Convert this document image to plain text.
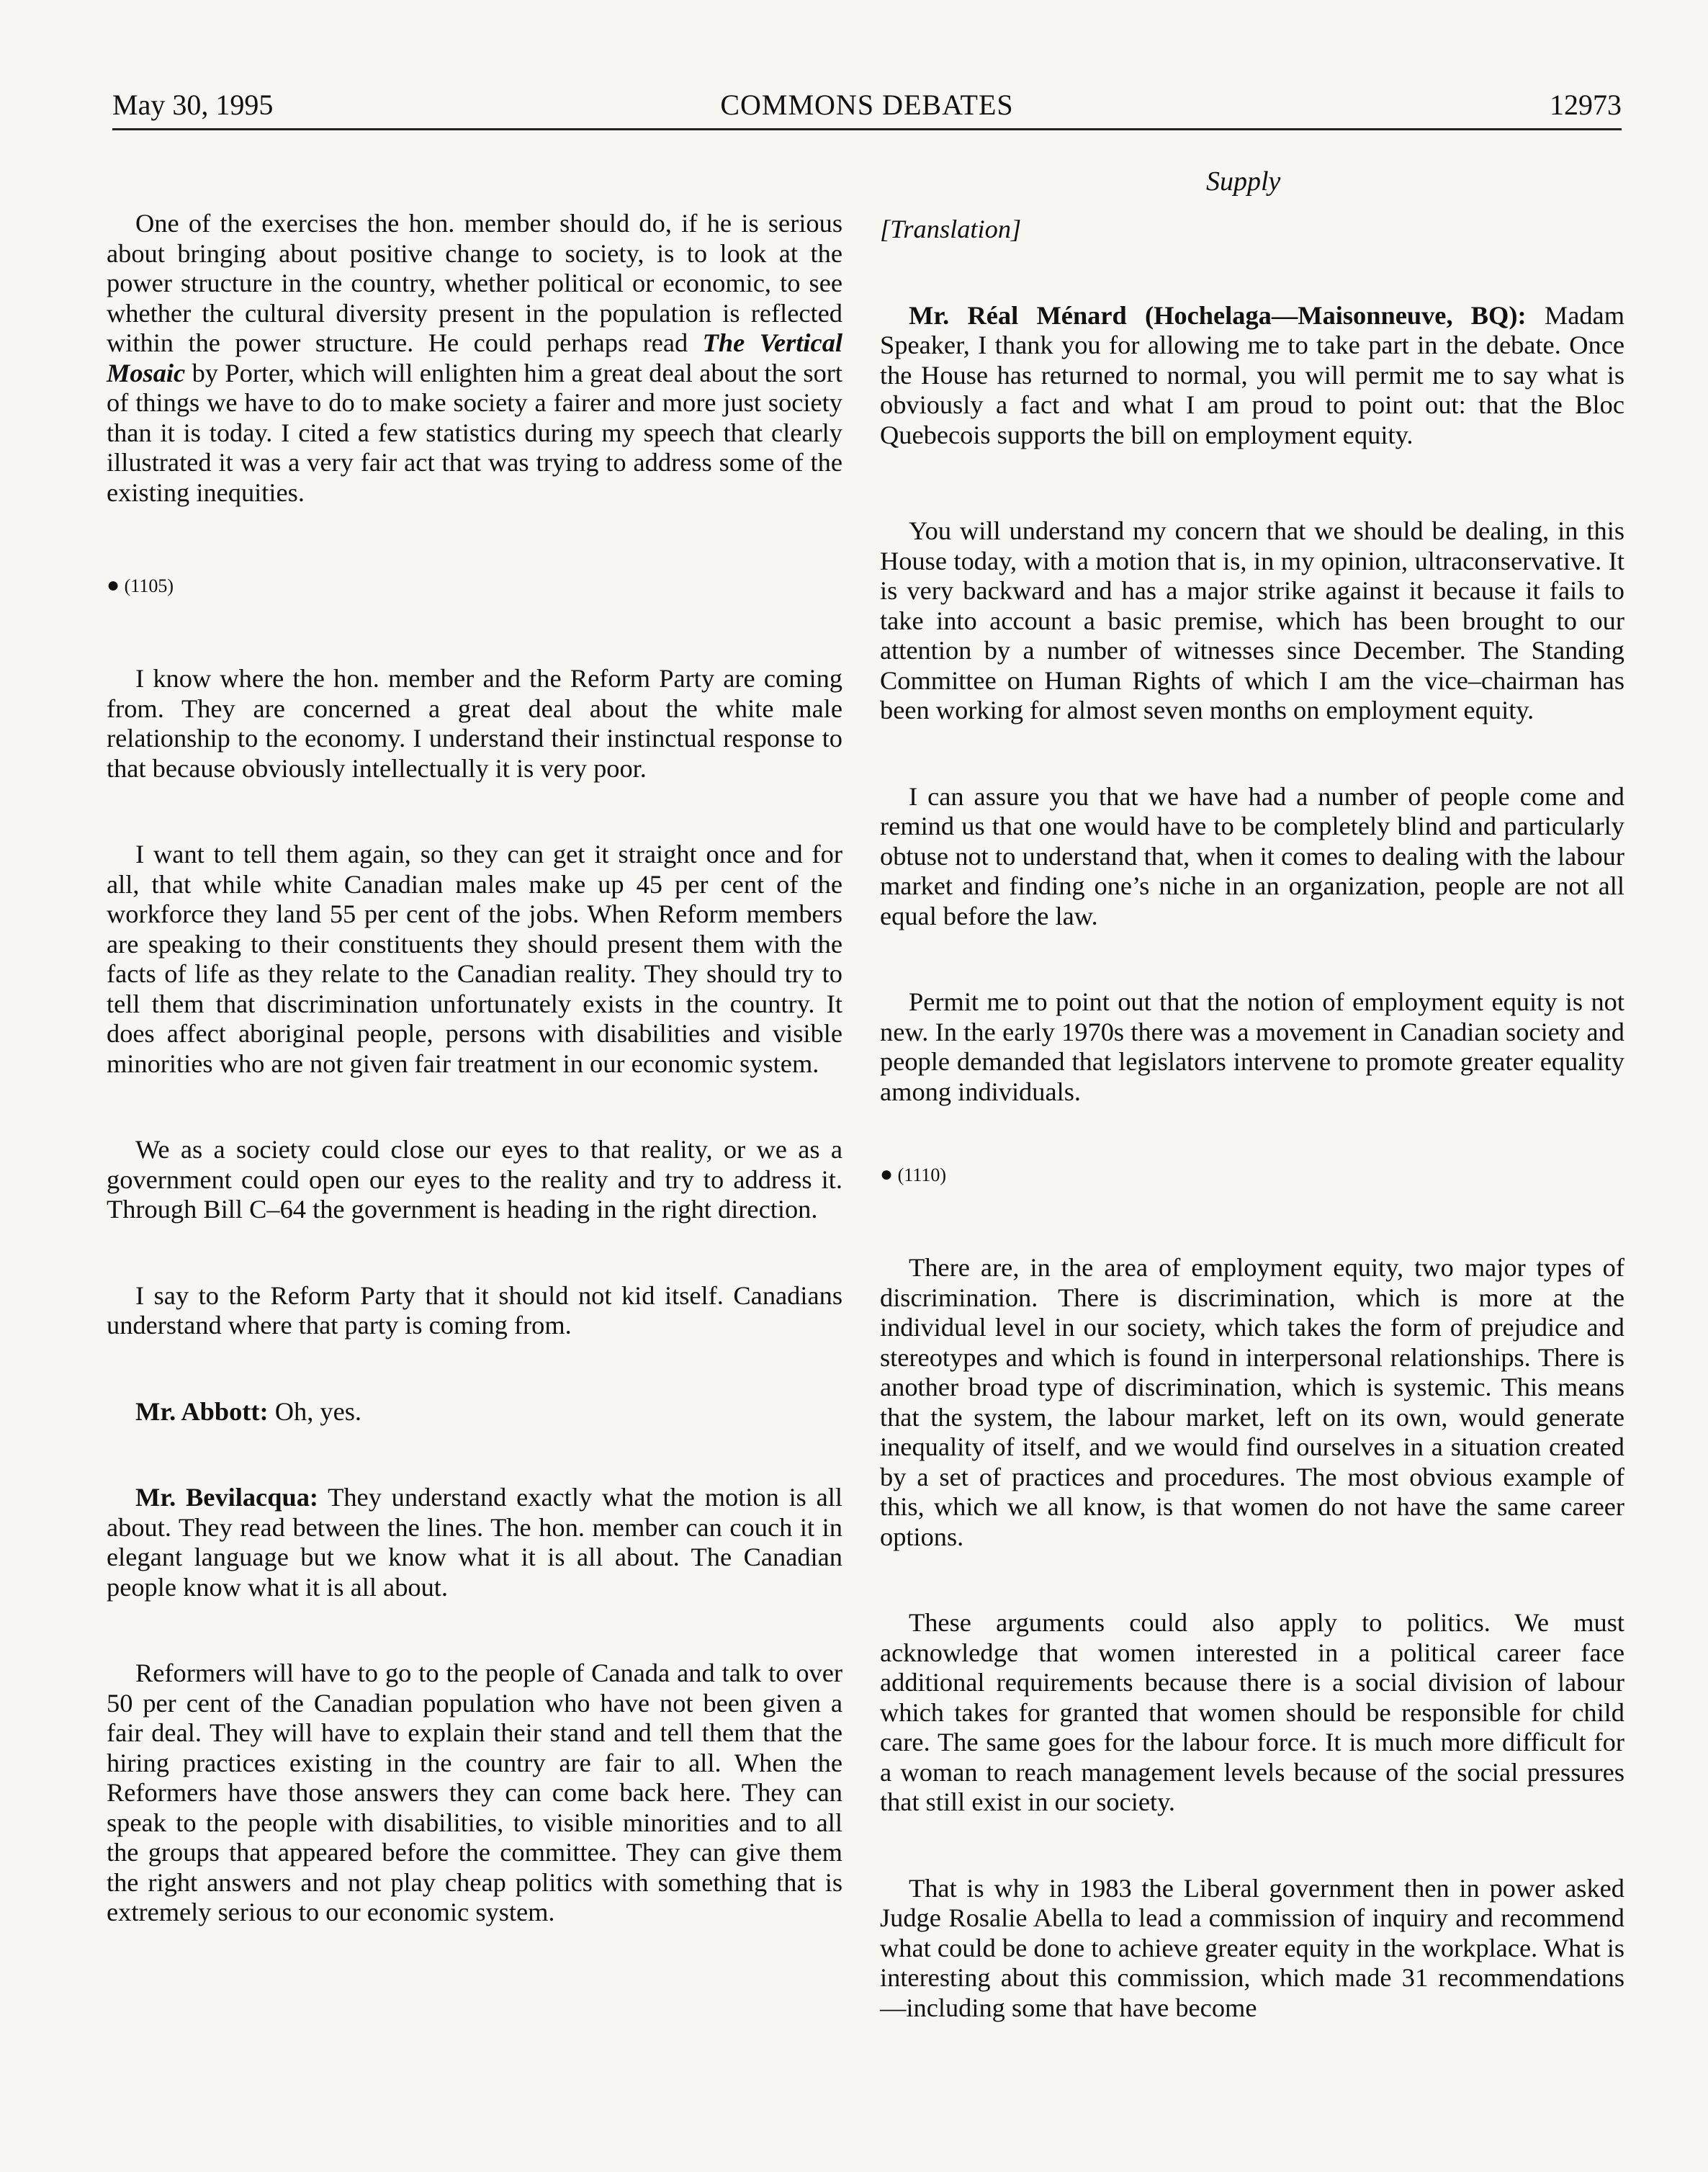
May 30, 1995	COMMONS DEBATES	12973
Supply

One of the exercises the hon. member should do, if he is serious about bringing about positive change to society, is to look at the power structure in the country, whether political or economic, to see whether the cultural diversity present in the population is reflected within the power structure. He could perhaps read The Vertical Mosaic by Porter, which will enlighten him a great deal about the sort of things we have to do to make society a fairer and more just society than it is today. I cited a few statistics during my speech that clearly illustrated it was a very fair act that was trying to address some of the existing inequities.

● (1105)

I know where the hon. member and the Reform Party are coming from. They are concerned a great deal about the white male relationship to the economy. I understand their instinctual response to that because obviously intellectually it is very poor.

I want to tell them again, so they can get it straight once and for all, that while white Canadian males make up 45 per cent of the workforce they land 55 per cent of the jobs. When Reform members are speaking to their constituents they should present them with the facts of life as they relate to the Canadian reality. They should try to tell them that discrimination unfortunately exists in the country. It does affect aboriginal people, persons with disabilities and visible minorities who are not given fair treatment in our economic system.

We as a society could close our eyes to that reality, or we as a government could open our eyes to the reality and try to address it. Through Bill C–64 the government is heading in the right direction.

I say to the Reform Party that it should not kid itself. Canadians understand where that party is coming from.

Mr. Abbott: Oh, yes.

Mr. Bevilacqua: They understand exactly what the motion is all about. They read between the lines. The hon. member can couch it in elegant language but we know what it is all about. The Canadian people know what it is all about.

Reformers will have to go to the people of Canada and talk to over 50 per cent of the Canadian population who have not been given a fair deal. They will have to explain their stand and tell them that the hiring practices existing in the country are fair to all. When the Reformers have those answers they can come back here. They can speak to the people with disabilities, to visible minorities and to all the groups that appeared before the committee. They can give them the right answers and not play cheap politics with something that is extremely serious to our economic system.

[Translation]

Mr. Réal Ménard (Hochelaga—Maisonneuve, BQ): Madam Speaker, I thank you for allowing me to take part in the debate. Once the House has returned to normal, you will permit me to say what is obviously a fact and what I am proud to point out: that the Bloc Quebecois supports the bill on employment equity.

You will understand my concern that we should be dealing, in this House today, with a motion that is, in my opinion, ultraconservative. It is very backward and has a major strike against it because it fails to take into account a basic premise, which has been brought to our attention by a number of witnesses since December. The Standing Committee on Human Rights of which I am the vice–chairman has been working for almost seven months on employment equity.

I can assure you that we have had a number of people come and remind us that one would have to be completely blind and particularly obtuse not to understand that, when it comes to dealing with the labour market and finding one’s niche in an organization, people are not all equal before the law.

Permit me to point out that the notion of employment equity is not new. In the early 1970s there was a movement in Canadian society and people demanded that legislators intervene to promote greater equality among individuals.

● (1110)

There are, in the area of employment equity, two major types of discrimination. There is discrimination, which is more at the individual level in our society, which takes the form of prejudice and stereotypes and which is found in interpersonal relationships. There is another broad type of discrimination, which is systemic. This means that the system, the labour market, left on its own, would generate inequality of itself, and we would find ourselves in a situation created by a set of practices and procedures. The most obvious example of this, which we all know, is that women do not have the same career options.

These arguments could also apply to politics. We must acknowledge that women interested in a political career face additional requirements because there is a social division of labour which takes for granted that women should be responsible for child care. The same goes for the labour force. It is much more difficult for a woman to reach management levels because of the social pressures that still exist in our society.

That is why in 1983 the Liberal government then in power asked Judge Rosalie Abella to lead a commission of inquiry and recommend what could be done to achieve greater equity in the workplace. What is interesting about this commission, which made 31 recommendations—including some that have become
